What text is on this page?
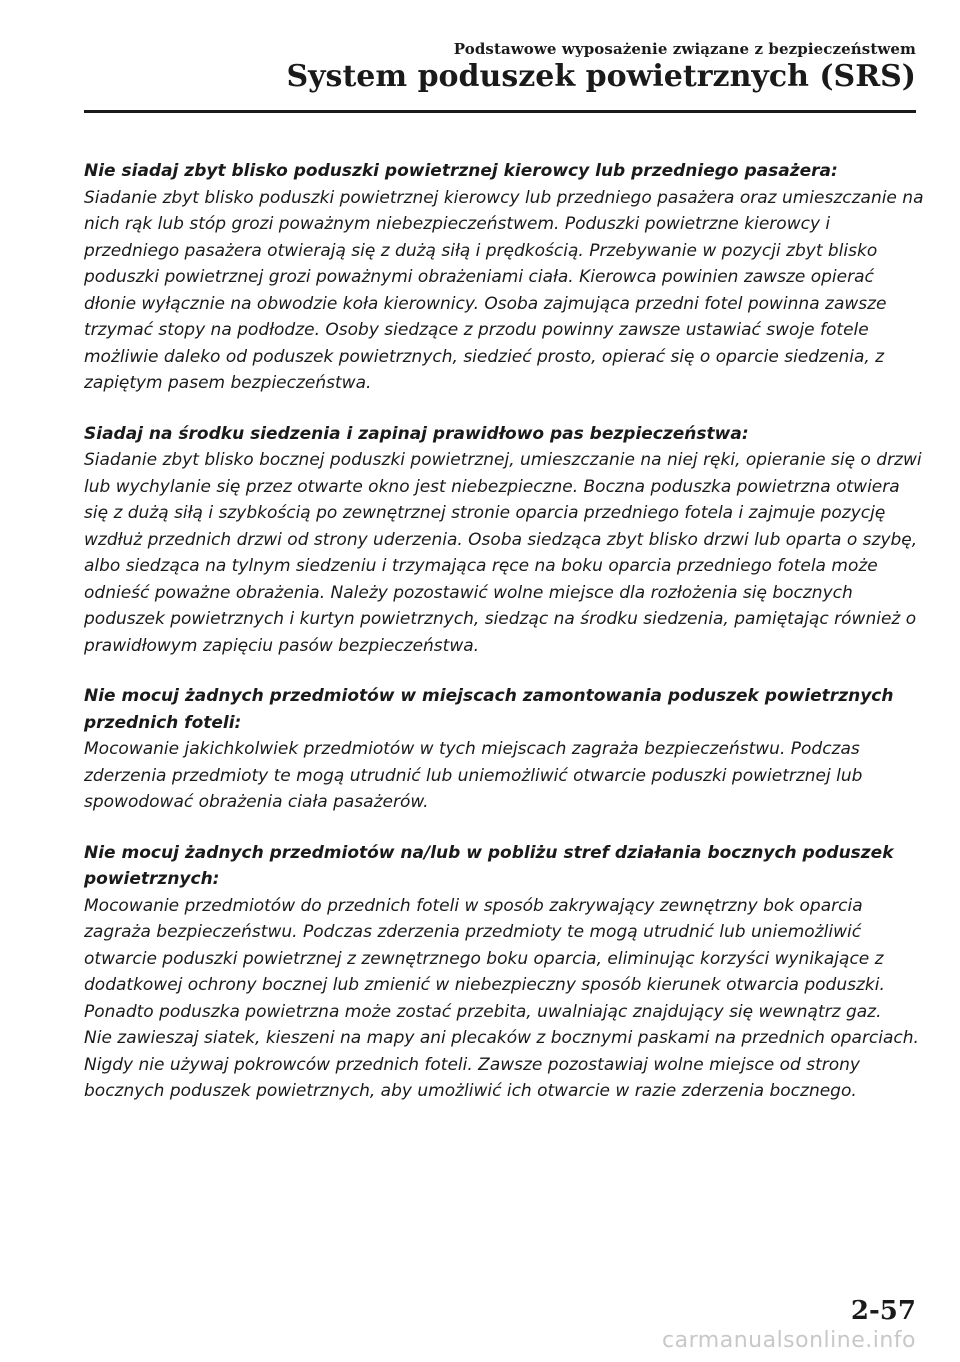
Podstawowe wyposażenie związane z bezpieczeństwem
System poduszek powietrznych (SRS)

Nie siadaj zbyt blisko poduszki powietrznej kierowcy lub przedniego pasażera:

Siadanie zbyt blisko poduszki powietrznej kierowcy lub przedniego pasażera oraz umieszczanie na nich rąk lub stóp grozi poważnym niebezpieczeństwem. Poduszki powietrzne kierowcy i przedniego pasażera otwierają się z dużą siłą i prędkością. Przebywanie w pozycji zbyt blisko poduszki powietrznej grozi poważnymi obrażeniami ciała. Kierowca powinien zawsze opierać dłonie wyłącznie na obwodzie koła kierownicy. Osoba zajmująca przedni fotel powinna zawsze trzymać stopy na podłodze. Osoby siedzące z przodu powinny zawsze ustawiać swoje fotele możliwie daleko od poduszek powietrznych, siedzieć prosto, opierać się o oparcie siedzenia, z zapiętym pasem bezpieczeństwa.

Siadaj na środku siedzenia i zapinaj prawidłowo pas bezpieczeństwa:

Siadanie zbyt blisko bocznej poduszki powietrznej, umieszczanie na niej ręki, opieranie się o drzwi lub wychylanie się przez otwarte okno jest niebezpieczne. Boczna poduszka powietrzna otwiera się z dużą siłą i szybkością po zewnętrznej stronie oparcia przedniego fotela i zajmuje pozycję wzdłuż przednich drzwi od strony uderzenia. Osoba siedząca zbyt blisko drzwi lub oparta o szybę, albo siedząca na tylnym siedzeniu i trzymająca ręce na boku oparcia przedniego fotela może odnieść poważne obrażenia. Należy pozostawić wolne miejsce dla rozłożenia się bocznych poduszek powietrznych i kurtyn powietrznych, siedząc na środku siedzenia, pamiętając również o prawidłowym zapięciu pasów bezpieczeństwa.

Nie mocuj żadnych przedmiotów w miejscach zamontowania poduszek powietrznych przednich foteli:

Mocowanie jakichkolwiek przedmiotów w tych miejscach zagraża bezpieczeństwu. Podczas zderzenia przedmioty te mogą utrudnić lub uniemożliwić otwarcie poduszki powietrznej lub spowodować obrażenia ciała pasażerów.

Nie mocuj żadnych przedmiotów na/lub w pobliżu stref działania bocznych poduszek powietrznych:

Mocowanie przedmiotów do przednich foteli w sposób zakrywający zewnętrzny bok oparcia zagraża bezpieczeństwu. Podczas zderzenia przedmioty te mogą utrudnić lub uniemożliwić otwarcie poduszki powietrznej z zewnętrznego boku oparcia, eliminując korzyści wynikające z dodatkowej ochrony bocznej lub zmienić w niebezpieczny sposób kierunek otwarcia poduszki. Ponadto poduszka powietrzna może zostać przebita, uwalniając znajdujący się wewnątrz gaz.

Nie zawieszaj siatek, kieszeni na mapy ani plecaków z bocznymi paskami na przednich oparciach. Nigdy nie używaj pokrowców przednich foteli. Zawsze pozostawiaj wolne miejsce od strony bocznych poduszek powietrznych, aby umożliwić ich otwarcie w razie zderzenia bocznego.

2-57
carmanualsonline.info
